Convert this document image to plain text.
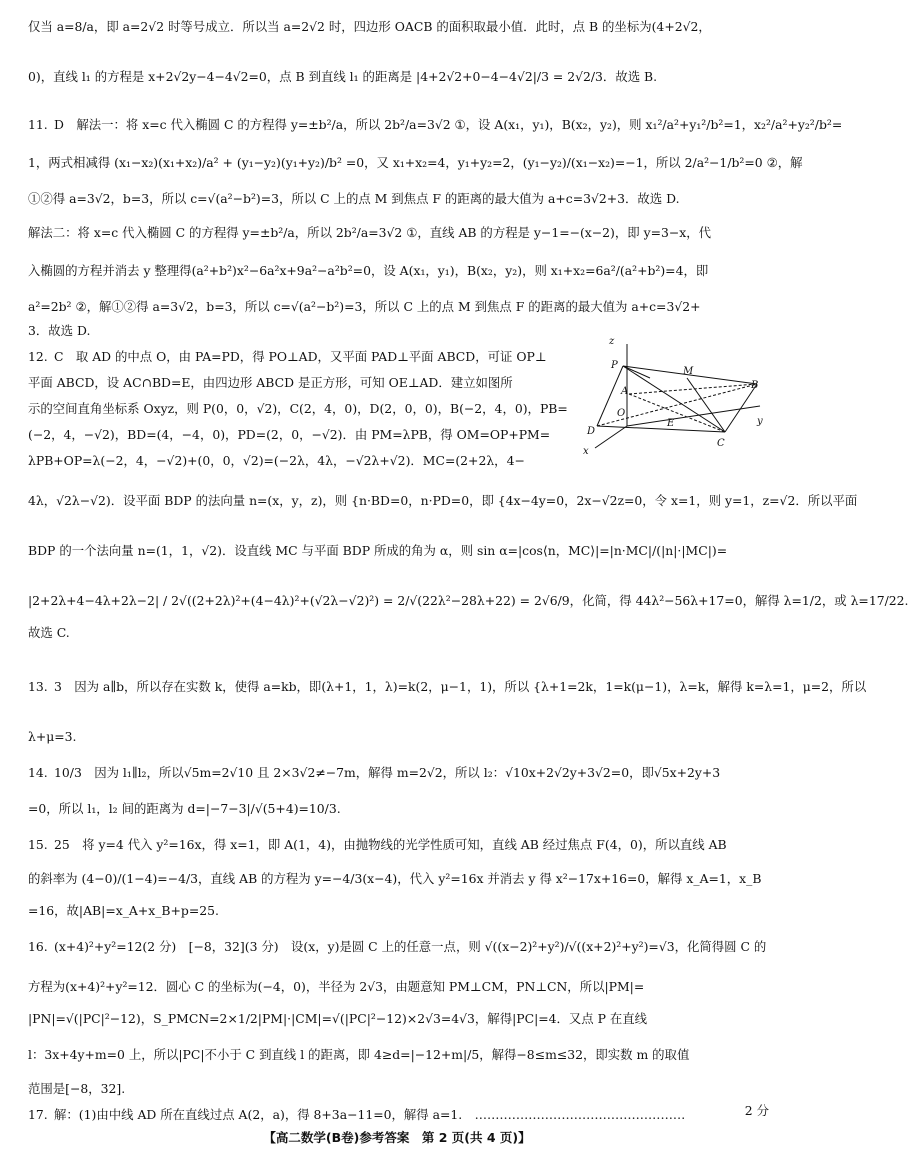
仅当 a=8/a，即 a=2√2 时等号成立．所以当 a=2√2 时，四边形 OACB 的面积取最小值．此时，点 B 的坐标为(4+2√2，
0)，直线 l₁ 的方程是 x+2√2y−4−4√2=0，点 B 到直线 l₁ 的距离是 |4+2√2+0−4−4√2|/3 = 2√2/3．故选 B.
11. D　解法一：将 x=c 代入椭圆 C 的方程得 y=±b²/a，所以 2b²/a=3√2 ①，设 A(x₁，y₁)，B(x₂，y₂)，则 x₁²/a²+y₁²/b²=1，x₂²/a²+y₂²/b²=
1，两式相减得 (x₁−x₂)(x₁+x₂)/a² + (y₁−y₂)(y₁+y₂)/b² =0，又 x₁+x₂=4，y₁+y₂=2，(y₁−y₂)/(x₁−x₂)=−1，所以 2/a²−1/b²=0 ②，解
①②得 a=3√2，b=3，所以 c=√(a²−b²)=3，所以 C 上的点 M 到焦点 F 的距离的最大值为 a+c=3√2+3．故选 D.
解法二：将 x=c 代入椭圆 C 的方程得 y=±b²/a，所以 2b²/a=3√2 ①，直线 AB 的方程是 y−1=−(x−2)，即 y=3−x，代
入椭圆的方程并消去 y 整理得(a²+b²)x²−6a²x+9a²−a²b²=0，设 A(x₁，y₁)，B(x₂，y₂)，则 x₁+x₂=6a²/(a²+b²)=4，即
a²=2b² ②，解①②得 a=3√2，b=3，所以 c=√(a²−b²)=3，所以 C 上的点 M 到焦点 F 的距离的最大值为 a+c=3√2+
3．故选 D.
12. C　取 AD 的中点 O，由 PA=PD，得 PO⊥AD，又平面 PAD⊥平面 ABCD，可证 OP⊥
平面 ABCD，设 AC∩BD=E，由四边形 ABCD 是正方形，可知 OE⊥AD．建立如图所
示的空间直角坐标系 Oxyz，则 P(0，0，√2)，C(2，4，0)，D(2，0，0)，B(−2，4，0)，PB=
(−2，4，−√2)，BD=(4，−4，0)，PD=(2，0，−√2)．由 PM=λPB，得 OM=OP+PM=
λPB+OP=λ(−2，4，−√2)+(0，0，√2)=(−2λ，4λ，−√2λ+√2)．MC=(2+2λ，4−
4λ，√2λ−√2)．设平面 BDP 的法向量 n=(x，y，z)，则 {n·BD=0，n·PD=0，即 {4x−4y=0，2x−√2z=0，令 x=1，则 y=1，z=√2．所以平面
BDP 的一个法向量 n=(1，1，√2)．设直线 MC 与平面 BDP 所成的角为 α，则 sin α=|cos⟨n，MC⟩|=|n·MC|/(|n|·|MC|)=
|2+2λ+4−4λ+2λ−2| / 2√((2+2λ)²+(4−4λ)²+(√2λ−√2)²) = 2/√(22λ²−28λ+22) = 2√6/9，化简，得 44λ²−56λ+17=0，解得 λ=1/2，或 λ=17/22.
故选 C.
13. 3　因为 a∥b，所以存在实数 k，使得 a=kb，即(λ+1，1，λ)=k(2，μ−1，1)，所以 {λ+1=2k，1=k(μ−1)，λ=k，解得 k=λ=1，μ=2，所以
λ+μ=3.
14. 10/3　因为 l₁∥l₂，所以√5m=2√10 且 2×3√2≠−7m，解得 m=2√2，所以 l₂：√10x+2√2y+3√2=0，即√5x+2y+3
=0，所以 l₁，l₂ 间的距离为 d=|−7−3|/√(5+4)=10/3.
15. 25　将 y=4 代入 y²=16x，得 x=1，即 A(1，4)，由抛物线的光学性质可知，直线 AB 经过焦点 F(4，0)，所以直线 AB
的斜率为 (4−0)/(1−4)=−4/3，直线 AB 的方程为 y=−4/3(x−4)，代入 y²=16x 并消去 y 得 x²−17x+16=0，解得 x_A=1，x_B
=16，故|AB|=x_A+x_B+p=25.
16. (x+4)²+y²=12(2 分)　[−8，32](3 分)　设(x，y)是圆 C 上的任意一点，则 √((x−2)²+y²)/√((x+2)²+y²)=√3，化简得圆 C 的
方程为(x+4)²+y²=12．圆心 C 的坐标为(−4，0)，半径为 2√3，由题意知 PM⊥CM，PN⊥CN，所以|PM|=
|PN|=√(|PC|²−12)，S_PMCN=2×1/2|PM|·|CM|=√(|PC|²−12)×2√3=4√3，解得|PC|=4．又点 P 在直线
l：3x+4y+m=0 上，所以|PC|不小于 C 到直线 l 的距离，即 4≥d=|−12+m|/5，解得−8≤m≤32，即实数 m 的取值
范围是[−8，32].
17. 解：(1)由中线 AD 所在直线过点 A(2，a)，得 8+3a−11=0，解得 a=1.　……………………………………………
z
P
M
B
A
O
y
D
E
C
x
2 分
【高二数学(B卷)参考答案　第 2 页(共 4 页)】
